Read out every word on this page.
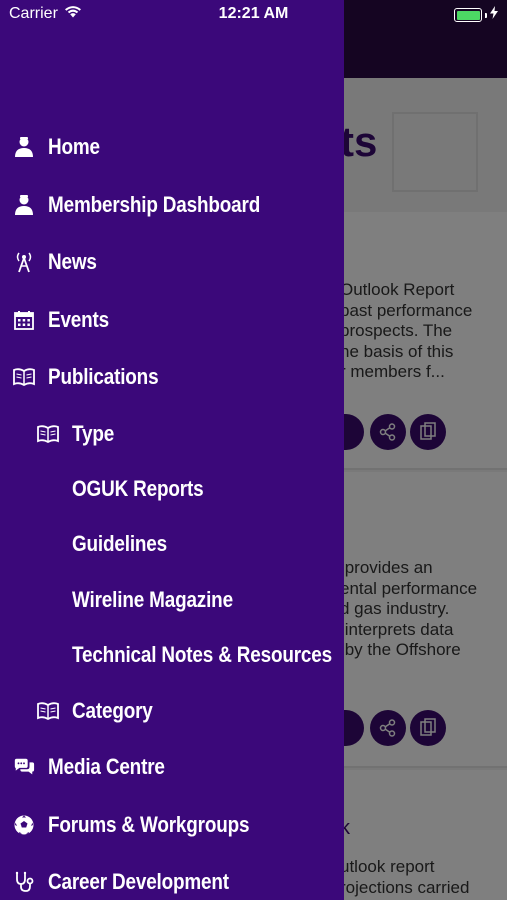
Home
Membership Dashboard
News
Events
Publications
Type
OGUK Reports
Guidelines
Wireline Magazine
Technical Notes & Resources
Category
Media Centre
Forums & Workgroups
Career Development
Carrier	12:21 AM
